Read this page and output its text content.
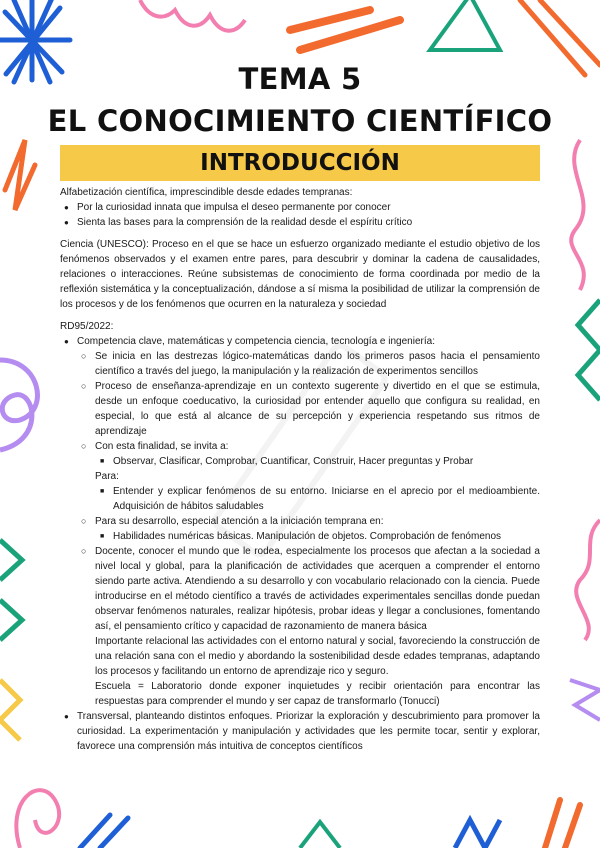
TEMA 5
EL CONOCIMIENTO CIENTÍFICO
INTRODUCCIÓN

Alfabetización científica, imprescindible desde edades tempranas:

● Por la curiosidad innata que impulsa el deseo permanente por conocer
● Sienta las bases para la comprensión de la realidad desde el espíritu crítico

Ciencia (UNESCO): Proceso en el que se hace un esfuerzo organizado mediante el estudio objetivo de los fenómenos observados y el examen entre pares, para descubrir y dominar la cadena de causalidades, relaciones o interacciones. Reúne subsistemas de conocimiento de forma coordinada por medio de la reflexión sistemática y la conceptualización, dándose a sí misma la posibilidad de utilizar la comprensión de los procesos y de los fenómenos que ocurren en la naturaleza y sociedad

RD95/2022:

● Competencia clave, matemáticas y competencia ciencia, tecnología e ingeniería:
○ Se inicia en las destrezas lógico-matemáticas dando los primeros pasos hacia el pensamiento científico a través del juego, la manipulación y la realización de experimentos sencillos
○ Proceso de enseñanza-aprendizaje en un contexto sugerente y divertido en el que se estimula, desde un enfoque coeducativo, la curiosidad por entender aquello que configura su realidad, en especial, lo que está al alcance de su percepción y experiencia respetando sus ritmos de aprendizaje
○ Con esta finalidad, se invita a:
■ Observar, Clasificar, Comprobar, Cuantificar, Construir, Hacer preguntas y Probar
Para:
■ Entender y explicar fenómenos de su entorno. Iniciarse en el aprecio por el medioambiente. Adquisición de hábitos saludables
○ Para su desarrollo, especial atención a la iniciación temprana en:
■ Habilidades numéricas básicas. Manipulación de objetos. Comprobación de fenómenos
○ Docente, conocer el mundo que le rodea, especialmente los procesos que afectan a la sociedad a nivel local y global, para la planificación de actividades que acerquen a comprender el entorno siendo parte activa. Atendiendo a su desarrollo y con vocabulario relacionado con la ciencia. Puede introducirse en el método científico a través de actividades experimentales sencillas donde puedan observar fenómenos naturales, realizar hipótesis, probar ideas y llegar a conclusiones, fomentando así, el pensamiento crítico y capacidad de razonamiento de manera básica
Importante relacional las actividades con el entorno natural y social, favoreciendo la construcción de una relación sana con el medio y abordando la sostenibilidad desde edades tempranas, adaptando los procesos y facilitando un entorno de aprendizaje rico y seguro.
Escuela = Laboratorio donde exponer inquietudes y recibir orientación para encontrar las respuestas para comprender el mundo y ser capaz de transformarlo (Tonucci)
● Transversal, planteando distintos enfoques. Priorizar la exploración y descubrimiento para promover la curiosidad. La experimentación y manipulación y actividades que les permite tocar, sentir y explorar, favorece una comprensión más intuitiva de conceptos científicos
